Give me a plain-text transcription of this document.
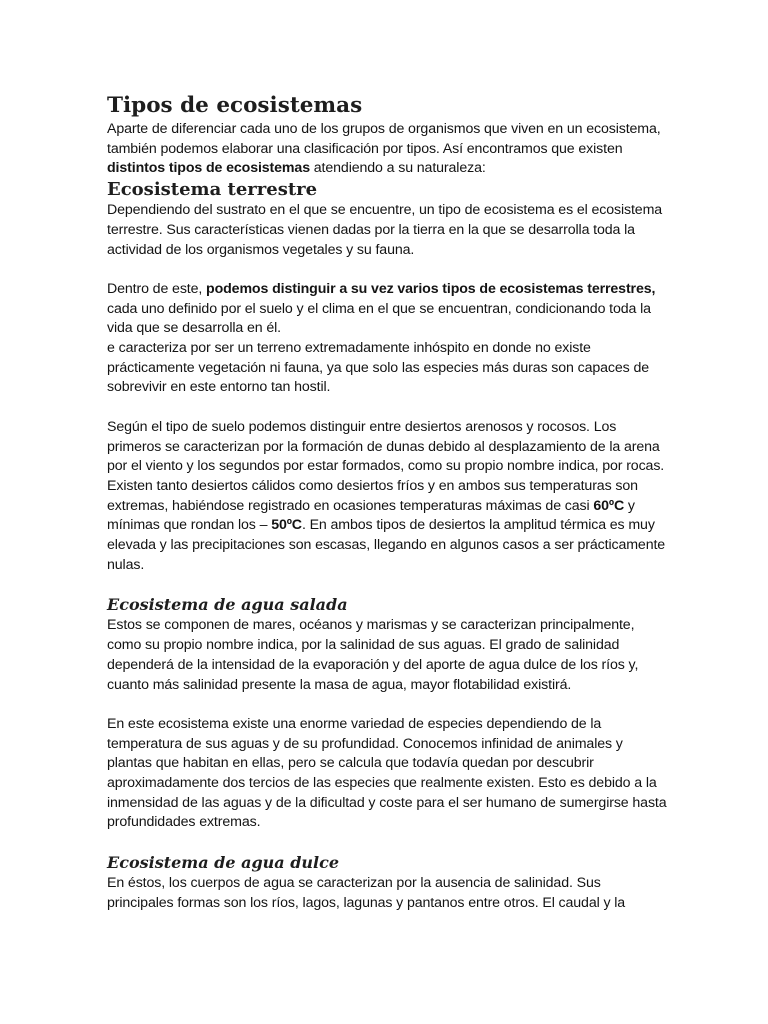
Tipos de ecosistemas

Aparte de diferenciar cada uno de los grupos de organismos que viven en un ecosistema, también podemos elaborar una clasificación por tipos. Así encontramos que existen distintos tipos de ecosistemas atendiendo a su naturaleza:

Ecosistema terrestre

Dependiendo del sustrato en el que se encuentre, un tipo de ecosistema es el ecosistema terrestre. Sus características vienen dadas por la tierra en la que se desarrolla toda la actividad de los organismos vegetales y su fauna.

Dentro de este, podemos distinguir a su vez varios tipos de ecosistemas terrestres, cada uno definido por el suelo y el clima en el que se encuentran, condicionando toda la vida que se desarrolla en él.

e caracteriza por ser un terreno extremadamente inhóspito en donde no existe prácticamente vegetación ni fauna, ya que solo las especies más duras son capaces de sobrevivir en este entorno tan hostil.

Según el tipo de suelo podemos distinguir entre desiertos arenosos y rocosos. Los primeros se caracterizan por la formación de dunas debido al desplazamiento de la arena por el viento y los segundos por estar formados, como su propio nombre indica, por rocas. Existen tanto desiertos cálidos como desiertos fríos y en ambos sus temperaturas son extremas, habiéndose registrado en ocasiones temperaturas máximas de casi 60ºC y mínimas que rondan los – 50ºC. En ambos tipos de desiertos la amplitud térmica es muy elevada y las precipitaciones son escasas, llegando en algunos casos a ser prácticamente nulas.

Ecosistema de agua salada

Estos se componen de mares, océanos y marismas y se caracterizan principalmente, como su propio nombre indica, por la salinidad de sus aguas. El grado de salinidad dependerá de la intensidad de la evaporación y del aporte de agua dulce de los ríos y, cuanto más salinidad presente la masa de agua, mayor flotabilidad existirá.

En este ecosistema existe una enorme variedad de especies dependiendo de la temperatura de sus aguas y de su profundidad. Conocemos infinidad de animales y plantas que habitan en ellas, pero se calcula que todavía quedan por descubrir aproximadamente dos tercios de las especies que realmente existen. Esto es debido a la inmensidad de las aguas y de la dificultad y coste para el ser humano de sumergirse hasta profundidades extremas.

Ecosistema de agua dulce

En éstos, los cuerpos de agua se caracterizan por la ausencia de salinidad. Sus principales formas son los ríos, lagos, lagunas y pantanos entre otros. El caudal y la
